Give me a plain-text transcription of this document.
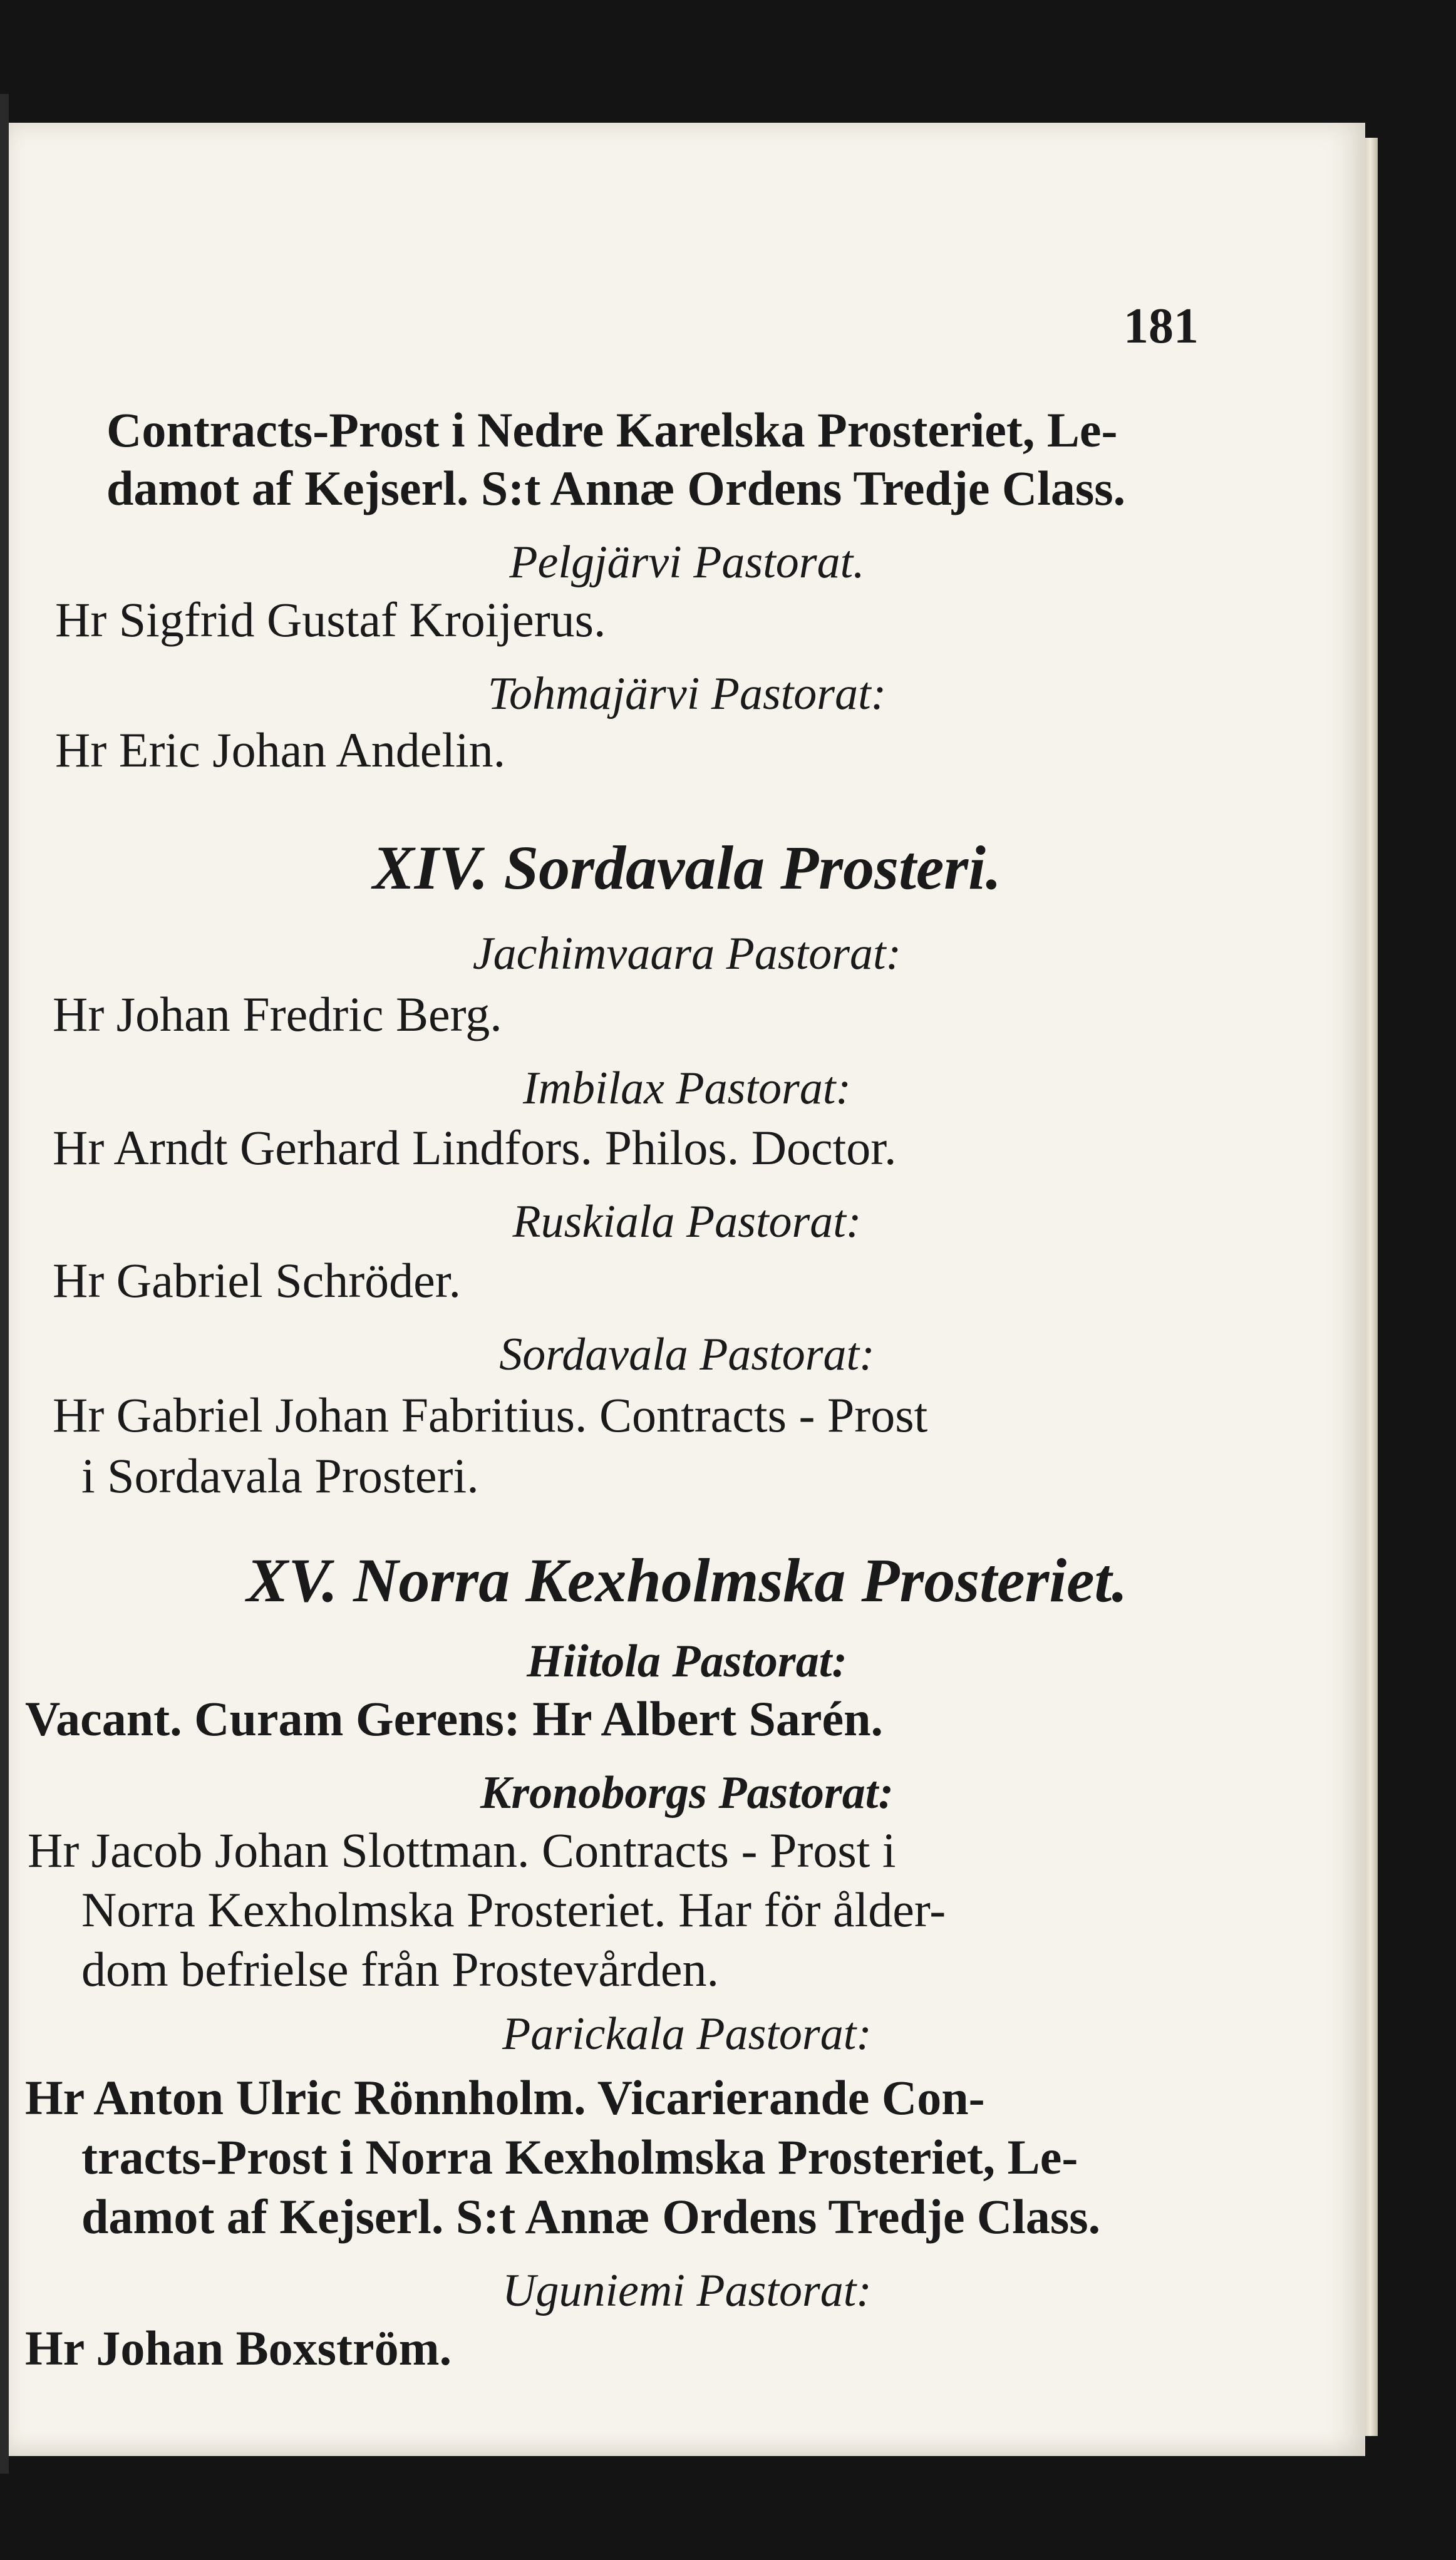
181
Contracts-Prost i Nedre Karelska Prosteriet, Le-
damot af Kejserl. S:t Annæ Ordens Tredje Class.
Pelgjärvi Pastorat.
Hr Sigfrid Gustaf Kroijerus.
Tohmajärvi Pastorat:
Hr Eric Johan Andelin.
XIV. Sordavala Prosteri.
Jachimvaara Pastorat:
Hr Johan Fredric Berg.
Imbilax Pastorat:
Hr Arndt Gerhard Lindfors. Philos. Doctor.
Ruskiala Pastorat:
Hr Gabriel Schröder.
Sordavala Pastorat:
Hr Gabriel Johan Fabritius. Contracts - Prost
i Sordavala Prosteri.
XV. Norra Kexholmska Prosteriet.
Hiitola Pastorat:
Vacant. Curam Gerens: Hr Albert Sarén.
Kronoborgs Pastorat:
Hr Jacob Johan Slottman. Contracts - Prost i
Norra Kexholmska Prosteriet. Har för ålder-
dom befrielse från Prostevården.
Parickala Pastorat:
Hr Anton Ulric Rönnholm. Vicarierande Con-
tracts-Prost i Norra Kexholmska Prosteriet, Le-
damot af Kejserl. S:t Annæ Ordens Tredje Class.
Uguniemi Pastorat:
Hr Johan Boxström.
